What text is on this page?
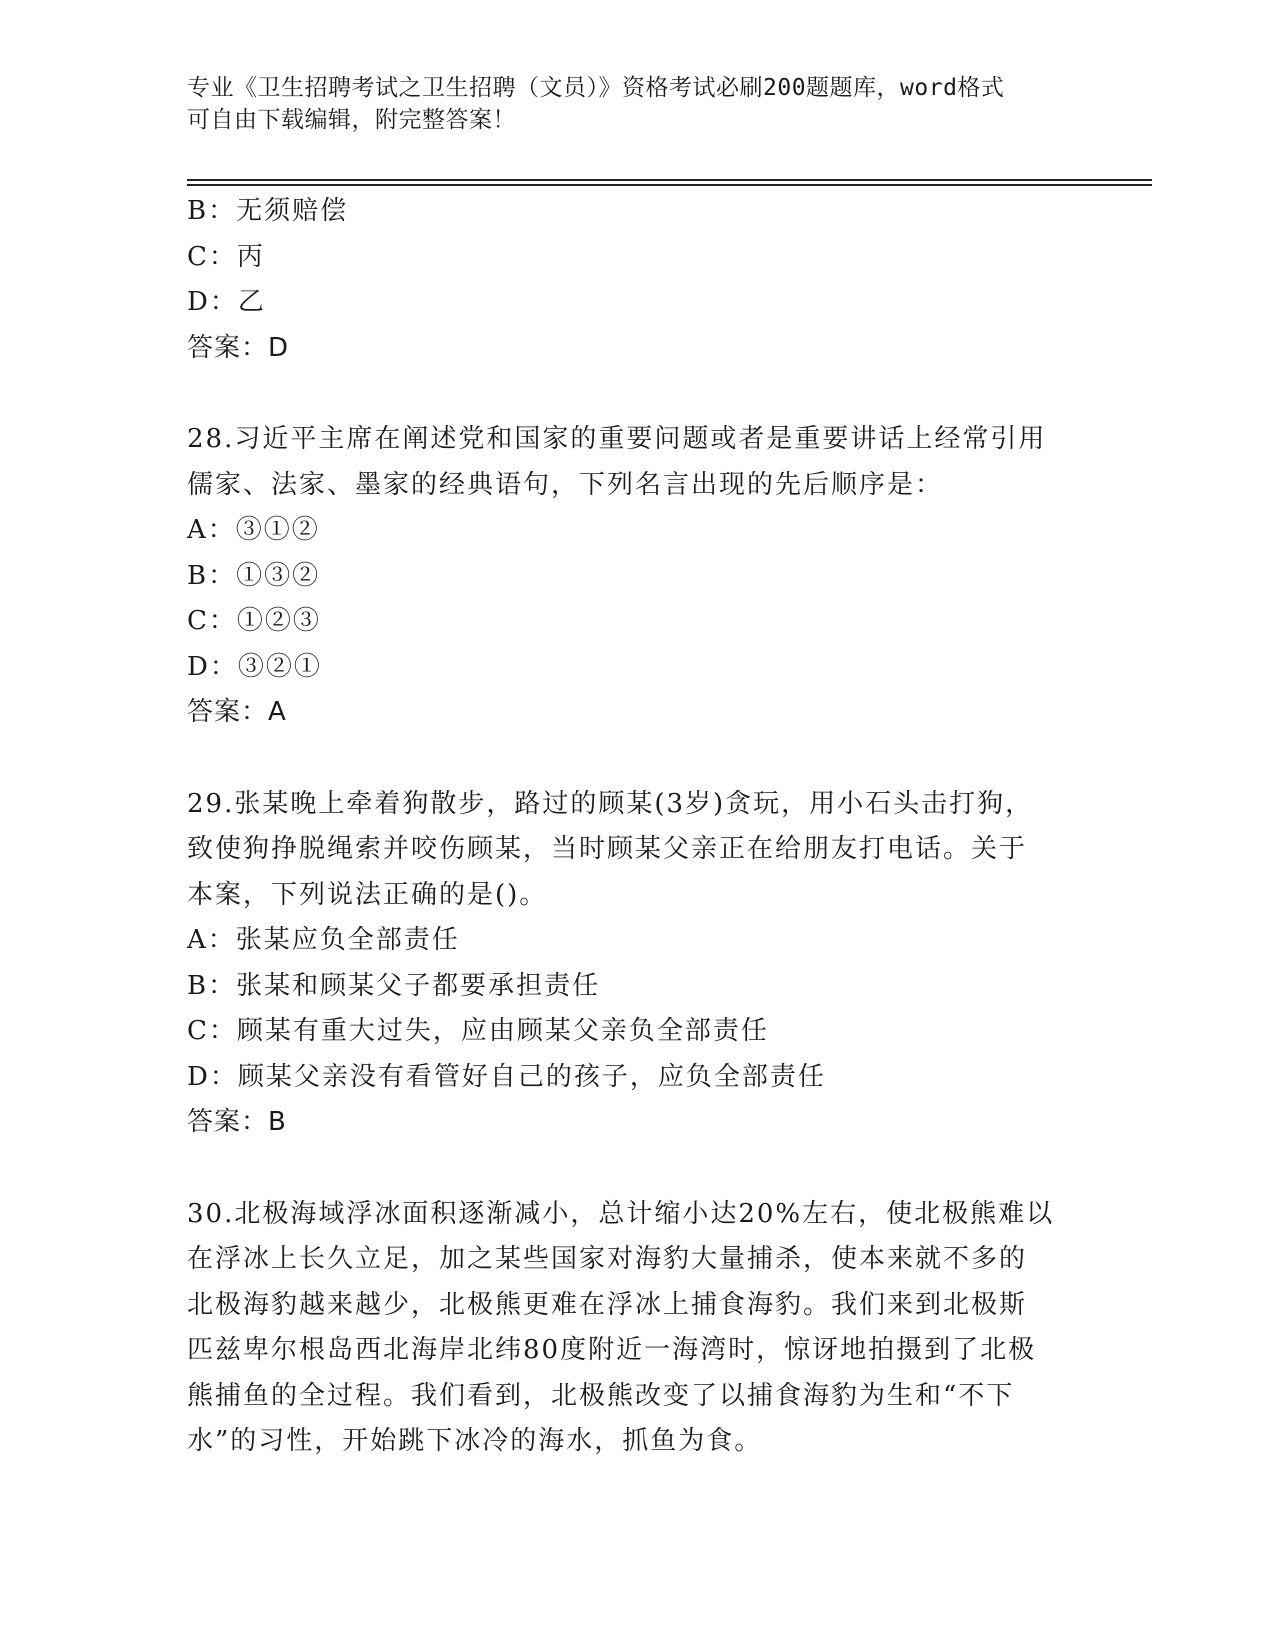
专业《卫生招聘考试之卫生招聘（文员）》资格考试必刷200题题库，word格式
可自由下载编辑，附完整答案！
B：无须赔偿
C：丙
D：乙
答案：D
28.习近平主席在阐述党和国家的重要问题或者是重要讲话上经常引用
儒家、法家、墨家的经典语句，下列名言出现的先后顺序是：
A：③①②
B：①③②
C：①②③
D：③②①
答案：A
29.张某晚上牵着狗散步，路过的顾某(3岁)贪玩，用小石头击打狗，
致使狗挣脱绳索并咬伤顾某，当时顾某父亲正在给朋友打电话。关于
本案，下列说法正确的是()。
A：张某应负全部责任
B：张某和顾某父子都要承担责任
C：顾某有重大过失，应由顾某父亲负全部责任
D：顾某父亲没有看管好自己的孩子，应负全部责任
答案：B
30.北极海域浮冰面积逐渐减小，总计缩小达20%左右，使北极熊难以
在浮冰上长久立足，加之某些国家对海豹大量捕杀，使本来就不多的
北极海豹越来越少，北极熊更难在浮冰上捕食海豹。我们来到北极斯
匹兹卑尔根岛西北海岸北纬80度附近一海湾时，惊讶地拍摄到了北极
熊捕鱼的全过程。我们看到，北极熊改变了以捕食海豹为生和“不下
水”的习性，开始跳下冰冷的海水，抓鱼为食。
